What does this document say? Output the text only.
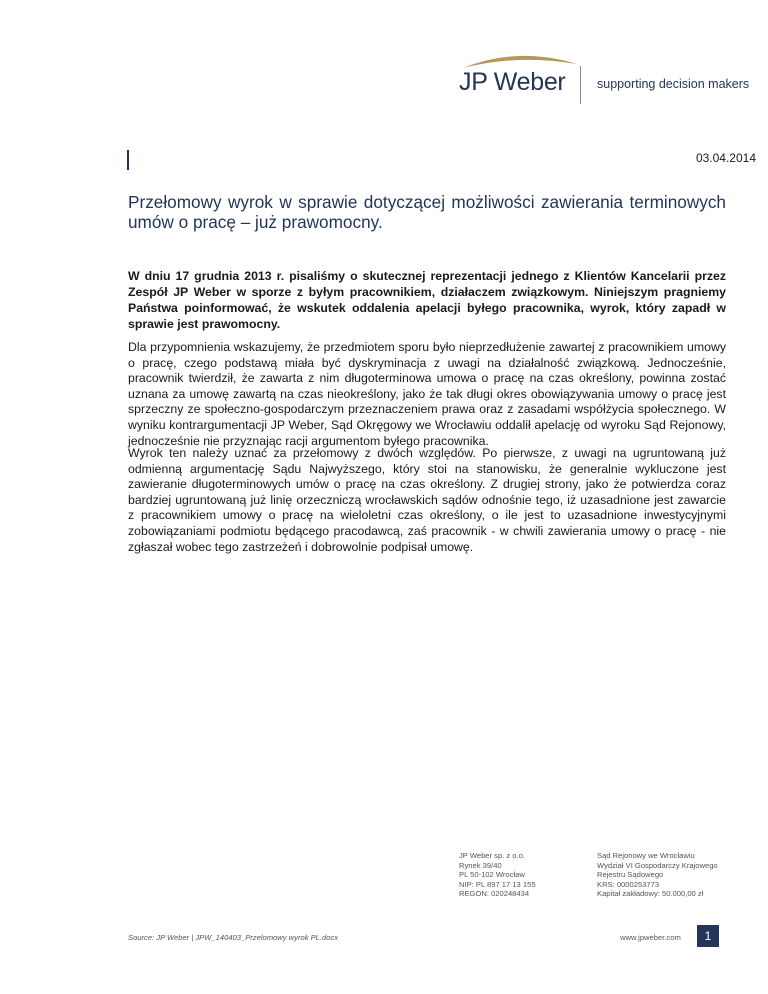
JP Weber	supporting decision makers
03.04.2014
Przełomowy wyrok w sprawie dotyczącej możliwości zawierania terminowych umów o pracę – już prawomocny.

W dniu 17 grudnia 2013 r. pisaliśmy o skutecznej reprezentacji jednego z Klientów Kancelarii przez Zespół JP Weber w sporze z byłym pracownikiem, działaczem związkowym. Niniejszym pragniemy Państwa poinformować, że wskutek oddalenia apelacji byłego pracownika, wyrok, który zapadł w sprawie jest prawomocny.

Dla przypomnienia wskazujemy, że przedmiotem sporu było nieprzedłużenie zawartej z pracownikiem umowy o pracę, czego podstawą miała być dyskryminacja z uwagi na działalność związkową. Jednocześnie, pracownik twierdził, że zawarta z nim długoterminowa umowa o pracę na czas określony, powinna zostać uznana za umowę zawartą na czas nieokreślony, jako że tak długi okres obowiązywania umowy o pracę jest sprzeczny ze społeczno-gospodarczym przeznaczeniem prawa oraz z zasadami współżycia społecznego. W wyniku kontrargumentacji JP Weber, Sąd Okręgowy we Wrocławiu oddalił apelację od wyroku Sąd Rejonowy, jednocześnie nie przyznając racji argumentom byłego pracownika.

Wyrok ten należy uznać za przełomowy z dwóch względów. Po pierwsze, z uwagi na ugruntowaną już odmienną argumentację Sądu Najwyższego, który stoi na stanowisku, że generalnie wykluczone jest zawieranie długoterminowych umów o pracę na czas określony. Z drugiej strony, jako że potwierdza coraz bardziej ugruntowaną już linię orzeczniczą wrocławskich sądów odnośnie tego, iż uzasadnione jest zawarcie z pracownikiem umowy o pracę na wieloletni czas określony, o ile jest to uzasadnione inwestycyjnymi zobowiązaniami podmiotu będącego pracodawcą, zaś pracownik - w chwili zawierania umowy o pracę - nie zgłaszał wobec tego zastrzeżeń i dobrowolnie podpisał umowę.

JP Weber sp. z o.o.
Rynek 39/40
PL 50-102 Wrocław
NIP: PL 897 17 13 155
REGON: 020248434
Sąd Rejonowy we Wrocławiu
Wydział VI Gospodarczy Krajowego
Rejestru Sądowego
KRS: 0000253773
Kapitał zakładowy: 50.000,00 zł
Source: JP Weber | JPW_140403_Przelomowy wyrok PL.docx	www.jpweber.com	1
